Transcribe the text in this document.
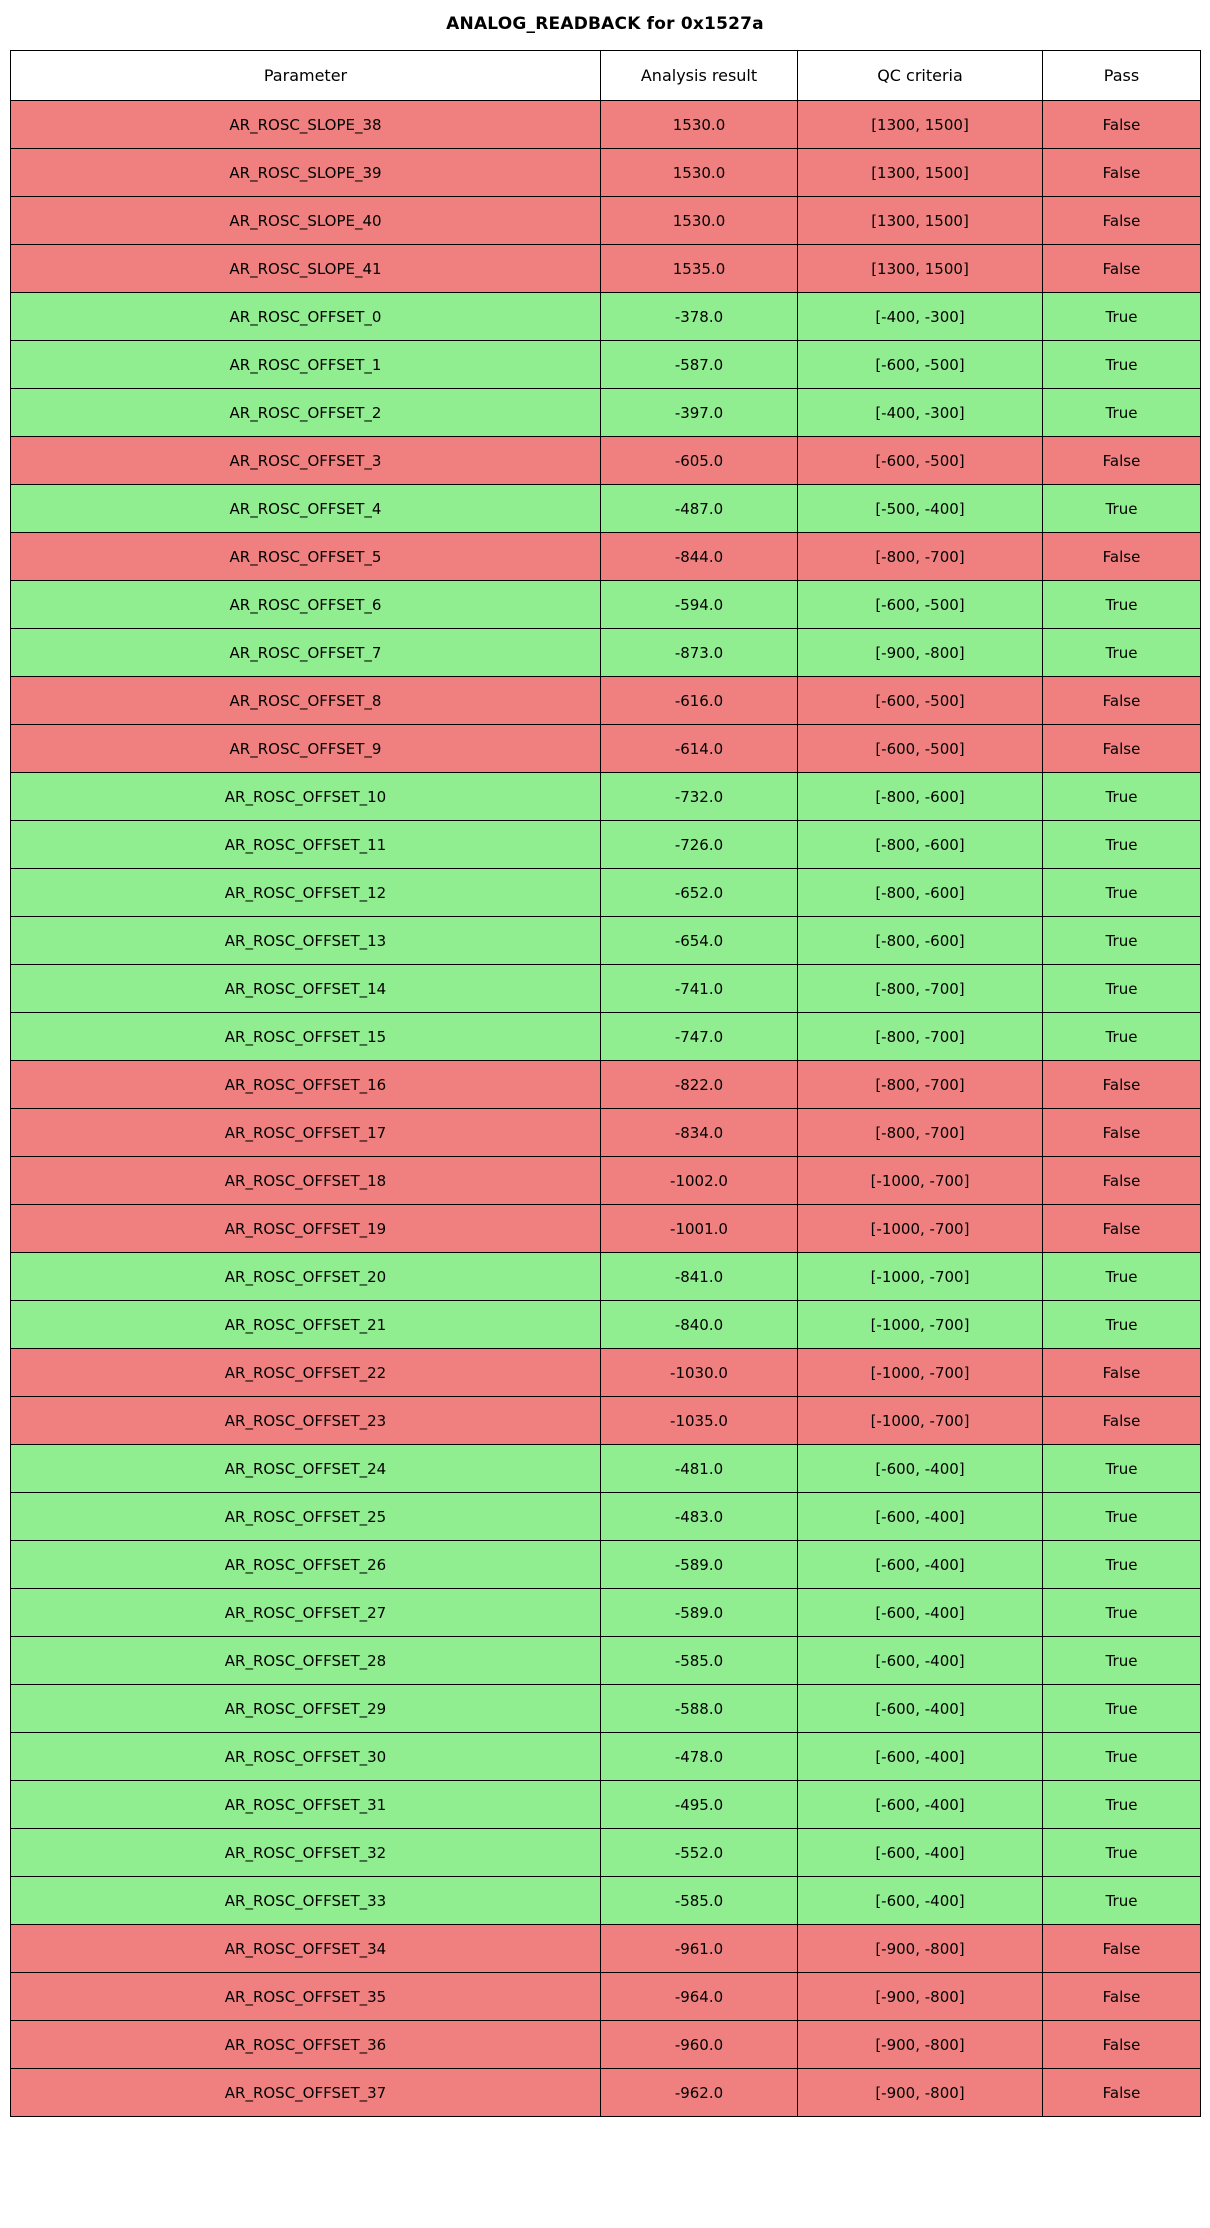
ANALOG_READBACK for 0x1527a
Parameter	Analysis result	QC criteria	Pass
AR_ROSC_SLOPE_38	1530.0	[1300, 1500]	False
AR_ROSC_SLOPE_39	1530.0	[1300, 1500]	False
AR_ROSC_SLOPE_40	1530.0	[1300, 1500]	False
AR_ROSC_SLOPE_41	1535.0	[1300, 1500]	False
AR_ROSC_OFFSET_0	-378.0	[-400, -300]	True
AR_ROSC_OFFSET_1	-587.0	[-600, -500]	True
AR_ROSC_OFFSET_2	-397.0	[-400, -300]	True
AR_ROSC_OFFSET_3	-605.0	[-600, -500]	False
AR_ROSC_OFFSET_4	-487.0	[-500, -400]	True
AR_ROSC_OFFSET_5	-844.0	[-800, -700]	False
AR_ROSC_OFFSET_6	-594.0	[-600, -500]	True
AR_ROSC_OFFSET_7	-873.0	[-900, -800]	True
AR_ROSC_OFFSET_8	-616.0	[-600, -500]	False
AR_ROSC_OFFSET_9	-614.0	[-600, -500]	False
AR_ROSC_OFFSET_10	-732.0	[-800, -600]	True
AR_ROSC_OFFSET_11	-726.0	[-800, -600]	True
AR_ROSC_OFFSET_12	-652.0	[-800, -600]	True
AR_ROSC_OFFSET_13	-654.0	[-800, -600]	True
AR_ROSC_OFFSET_14	-741.0	[-800, -700]	True
AR_ROSC_OFFSET_15	-747.0	[-800, -700]	True
AR_ROSC_OFFSET_16	-822.0	[-800, -700]	False
AR_ROSC_OFFSET_17	-834.0	[-800, -700]	False
AR_ROSC_OFFSET_18	-1002.0	[-1000, -700]	False
AR_ROSC_OFFSET_19	-1001.0	[-1000, -700]	False
AR_ROSC_OFFSET_20	-841.0	[-1000, -700]	True
AR_ROSC_OFFSET_21	-840.0	[-1000, -700]	True
AR_ROSC_OFFSET_22	-1030.0	[-1000, -700]	False
AR_ROSC_OFFSET_23	-1035.0	[-1000, -700]	False
AR_ROSC_OFFSET_24	-481.0	[-600, -400]	True
AR_ROSC_OFFSET_25	-483.0	[-600, -400]	True
AR_ROSC_OFFSET_26	-589.0	[-600, -400]	True
AR_ROSC_OFFSET_27	-589.0	[-600, -400]	True
AR_ROSC_OFFSET_28	-585.0	[-600, -400]	True
AR_ROSC_OFFSET_29	-588.0	[-600, -400]	True
AR_ROSC_OFFSET_30	-478.0	[-600, -400]	True
AR_ROSC_OFFSET_31	-495.0	[-600, -400]	True
AR_ROSC_OFFSET_32	-552.0	[-600, -400]	True
AR_ROSC_OFFSET_33	-585.0	[-600, -400]	True
AR_ROSC_OFFSET_34	-961.0	[-900, -800]	False
AR_ROSC_OFFSET_35	-964.0	[-900, -800]	False
AR_ROSC_OFFSET_36	-960.0	[-900, -800]	False
AR_ROSC_OFFSET_37	-962.0	[-900, -800]	False
